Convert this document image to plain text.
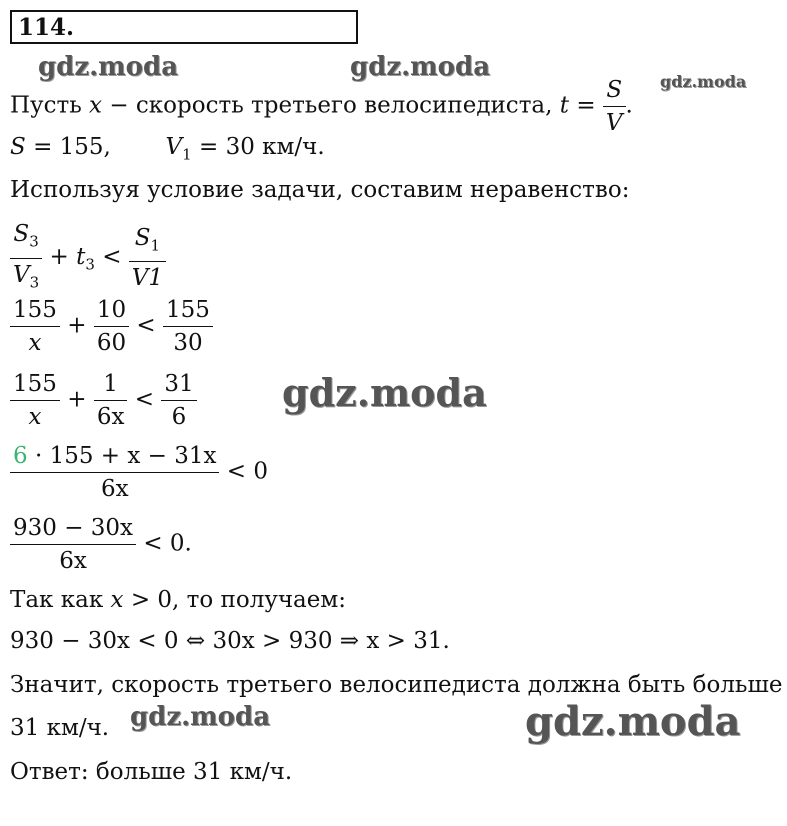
114.
gdz.moda	gdz.moda	gdz.moda
gdz.moda
gdz.moda	gdz.moda
Пусть x − скорость третьего велосипедиста, $t = \frac{S}{V}$ .
S = 155, $V_1 = 30$ км/ч.
Используя условие задачи, составим неравенство:
$\frac{S_3}{V_3} + t_3 < \frac{S_1}{V1}$
$\frac{155}{x} + \frac{10}{60} < \frac{155}{30}$
$\frac{155}{x} + \frac{1}{6x} < \frac{31}{6}$
$\frac{6 \cdot 155 + x - 31x}{6x} < 0$
$\frac{930 - 30x}{6x} < 0$.
Так как x > 0, то получаем:
930 − 30x < 0 ⇔ 30x > 930 ⇒ x > 31.
Значит, скорость третьего велосипедиста должна быть больше
31 км/ч.
Ответ: больше 31 км/ч.
